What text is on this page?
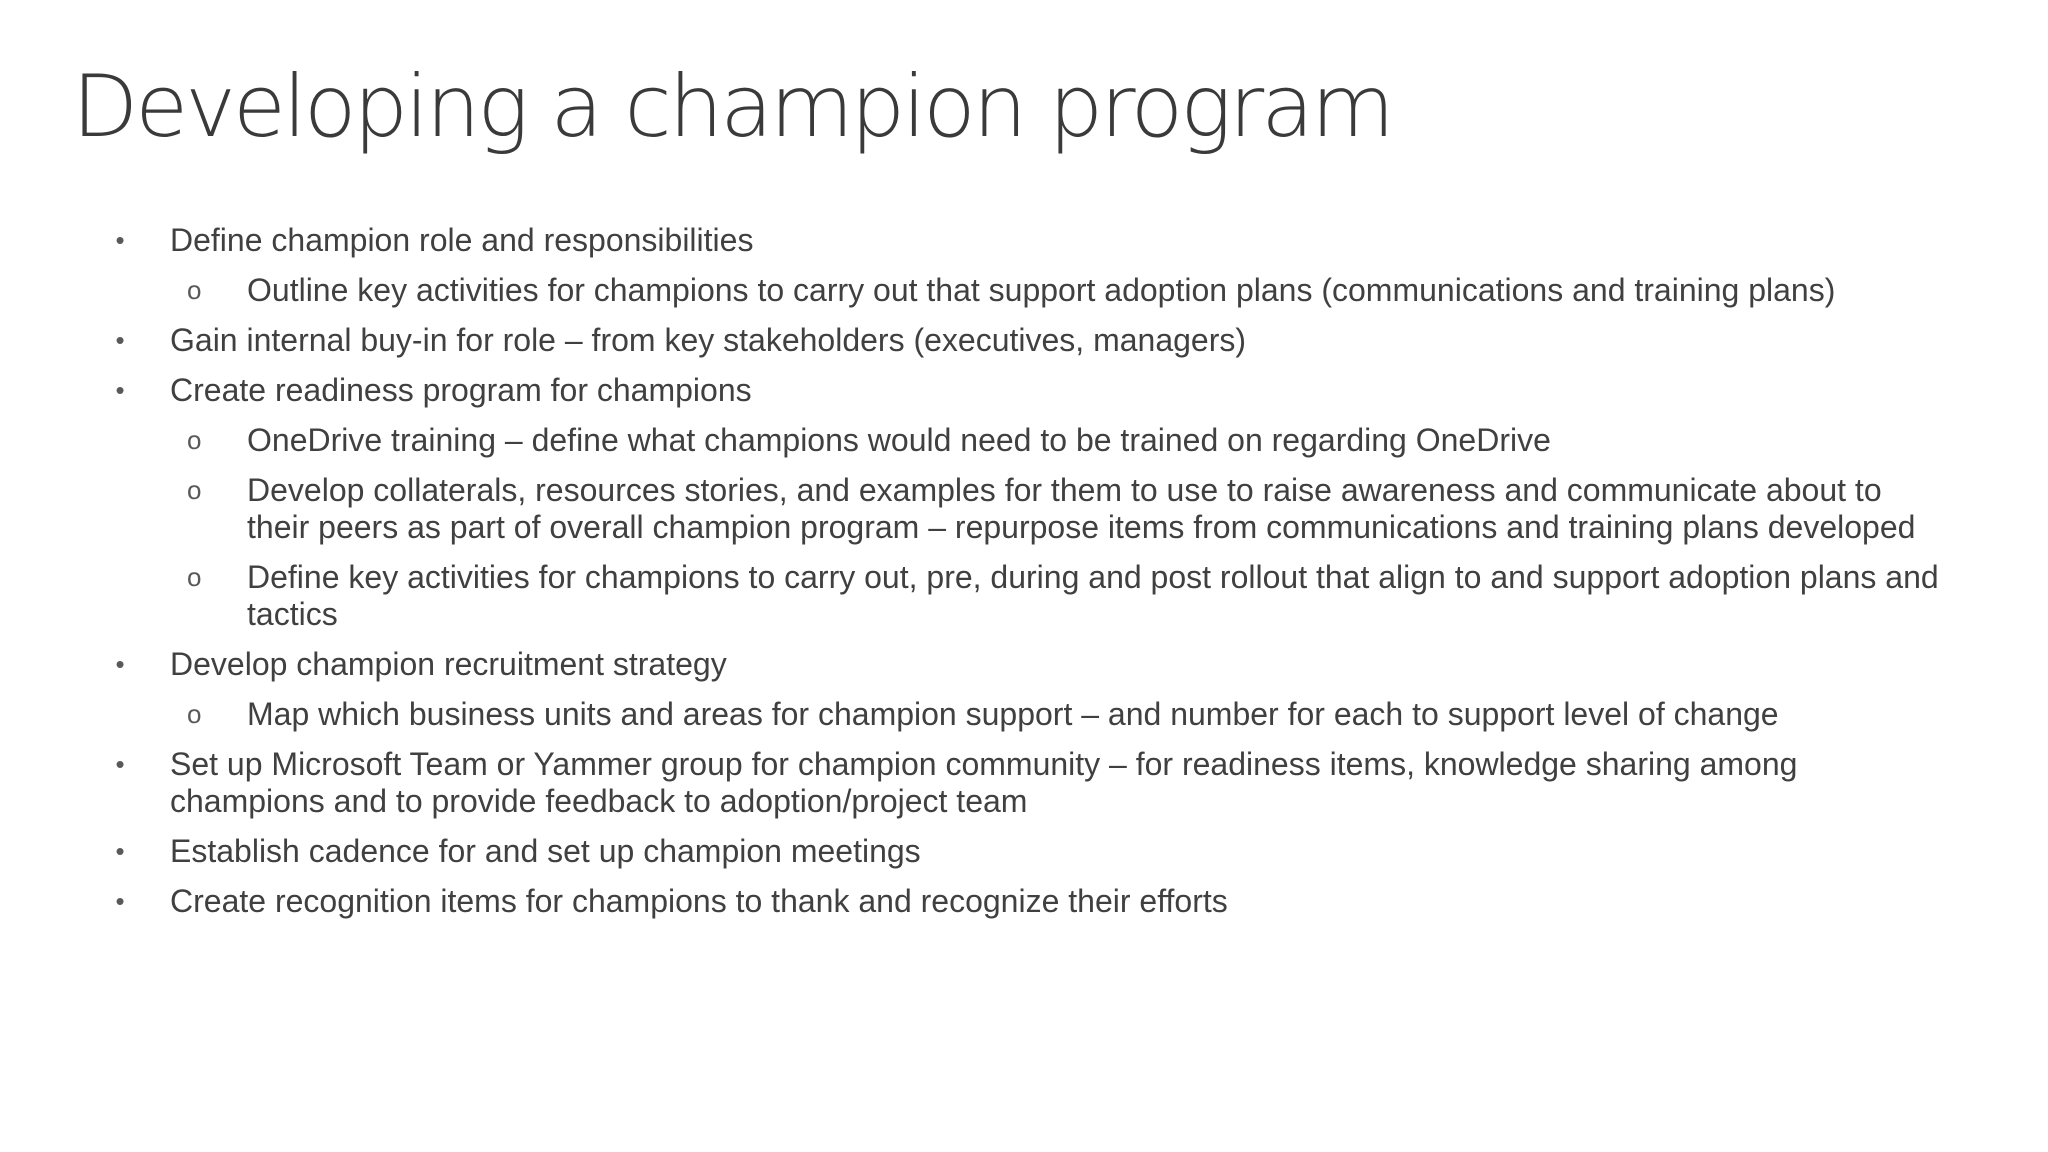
Developing a champion program
• Define champion role and responsibilities
o Outline key activities for champions to carry out that support adoption plans (communications and training plans)
• Gain internal buy-in for role – from key stakeholders (executives, managers)
• Create readiness program for champions
o OneDrive training – define what champions would need to be trained on regarding OneDrive
o Develop collaterals, resources stories, and examples for them to use to raise awareness and communicate about to their peers as part of overall champion program – repurpose items from communications and training plans developed
o Define key activities for champions to carry out, pre, during and post rollout that align to and support adoption plans and tactics
• Develop champion recruitment strategy
o Map which business units and areas for champion support – and number for each to support level of change
• Set up Microsoft Team or Yammer group for champion community – for readiness items, knowledge sharing among champions and to provide feedback to adoption/project team
• Establish cadence for and set up champion meetings
• Create recognition items for champions to thank and recognize their efforts
